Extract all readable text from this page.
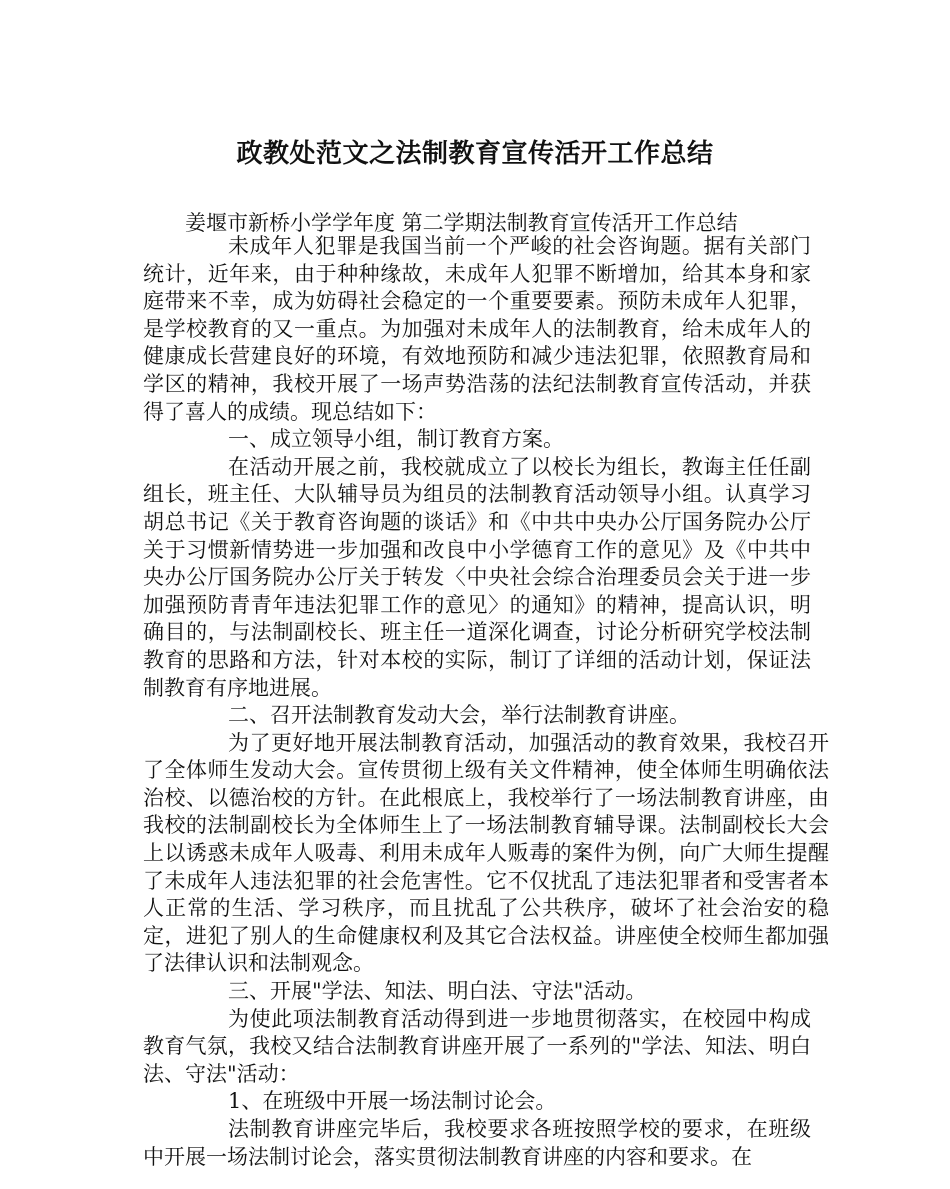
政教处范文之法制教育宣传活开工作总结
姜堰市新桥小学学年度 第二学期法制教育宣传活开工作总结

未成年人犯罪是我国当前一个严峻的社会咨询题。据有关部门统计，近年来，由于种种缘故，未成年人犯罪不断增加，给其本身和家庭带来不幸，成为妨碍社会稳定的一个重要要素。预防未成年人犯罪，是学校教育的又一重点。为加强对未成年人的法制教育，给未成年人的健康成长营建良好的环境，有效地预防和减少违法犯罪，依照教育局和学区的精神，我校开展了一场声势浩荡的法纪法制教育宣传活动，并获得了喜人的成绩。现总结如下：

一、成立领导小组，制订教育方案。

在活动开展之前，我校就成立了以校长为组长，教诲主任任副组长，班主任、大队辅导员为组员的法制教育活动领导小组。认真学习胡总书记《关于教育咨询题的谈话》和《中共中央办公厅国务院办公厅关于习惯新情势进一步加强和改良中小学德育工作的意见》及《中共中央办公厅国务院办公厅关于转发〈中央社会综合治理委员会关于进一步加强预防青青年违法犯罪工作的意见〉的通知》的精神，提高认识，明确目的，与法制副校长、班主任一道深化调查，讨论分析研究学校法制教育的思路和方法，针对本校的实际，制订了详细的活动计划，保证法制教育有序地进展。

二、召开法制教育发动大会，举行法制教育讲座。

为了更好地开展法制教育活动，加强活动的教育效果，我校召开了全体师生发动大会。宣传贯彻上级有关文件精神，使全体师生明确依法治校、以德治校的方针。在此根底上，我校举行了一场法制教育讲座，由我校的法制副校长为全体师生上了一场法制教育辅导课。法制副校长大会上以诱惑未成年人吸毒、利用未成年人贩毒的案件为例，向广大师生提醒了未成年人违法犯罪的社会危害性。它不仅扰乱了违法犯罪者和受害者本人正常的生活、学习秩序，而且扰乱了公共秩序，破坏了社会治安的稳定，进犯了别人的生命健康权利及其它合法权益。讲座使全校师生都加强了法律认识和法制观念。

三、开展"学法、知法、明白法、守法"活动。

为使此项法制教育活动得到进一步地贯彻落实，在校园中构成教育气氛，我校又结合法制教育讲座开展了一系列的"学法、知法、明白法、守法"活动：

1、在班级中开展一场法制讨论会。

法制教育讲座完毕后，我校要求各班按照学校的要求，在班级中开展一场法制讨论会，落实贯彻法制教育讲座的内容和要求。在
